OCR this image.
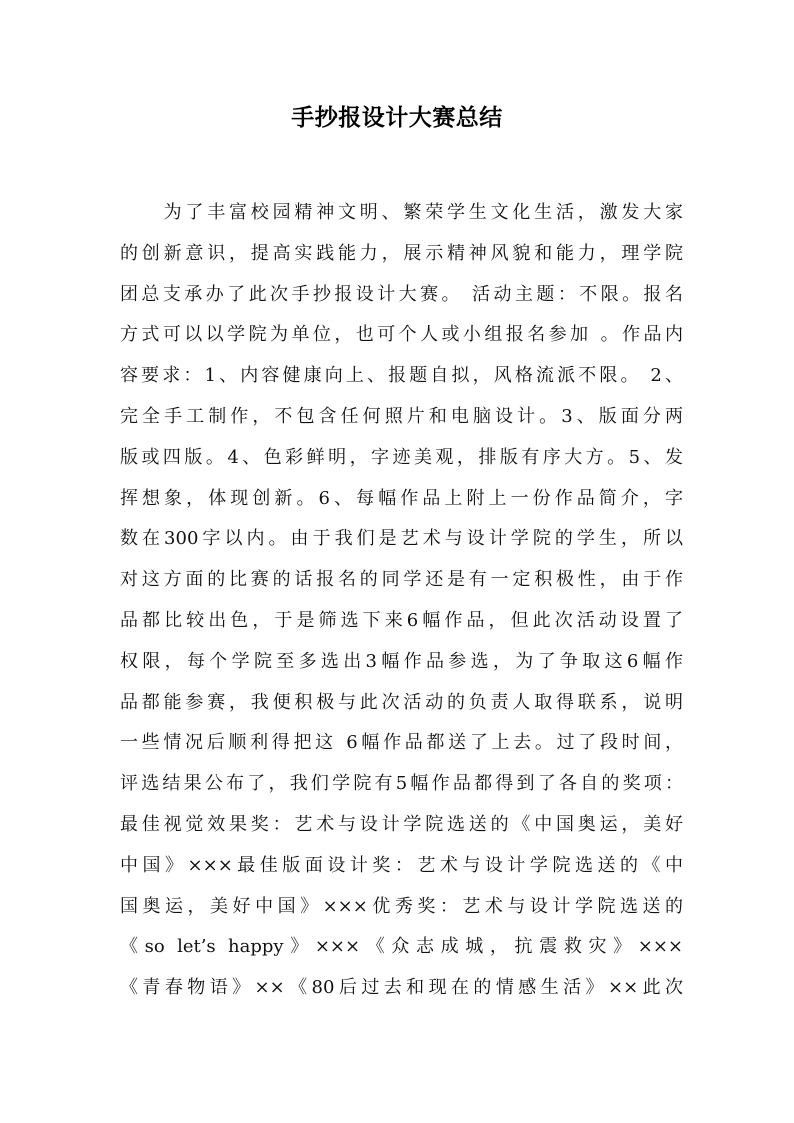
手抄报设计大赛总结
　　为了丰富校园精神文明、繁荣学生文化生活，激发大家
的创新意识，提高实践能力，展示精神风貌和能力，理学院
团总支承办了此次手抄报设计大赛。 活动主题：不限。报名
方式可以以学院为单位，也可个人或小组报名参加 。作品内
容要求：1、内容健康向上、报题自拟，风格流派不限。 2、
完全手工制作，不包含任何照片和电脑设计。3、版面分两
版或四版。4、色彩鲜明，字迹美观，排版有序大方。5、发
挥想象，体现创新。6、每幅作品上附上一份作品简介，字
数在300字以内。由于我们是艺术与设计学院的学生，所以
对这方面的比赛的话报名的同学还是有一定积极性，由于作
品都比较出色，于是筛选下来6幅作品，但此次活动设置了
权限，每个学院至多选出3幅作品参选，为了争取这6幅作
品都能参赛，我便积极与此次活动的负责人取得联系，说明
一些情况后顺利得把这 6幅作品都送了上去。过了段时间，
评选结果公布了，我们学院有5幅作品都得到了各自的奖项：
最佳视觉效果奖：艺术与设计学院选送的《中国奥运，美好
中国》×××最佳版面设计奖：艺术与设计学院选送的《中
国奥运，美好中国》×××优秀奖：艺术与设计学院选送的
《so let’s happy》×××《众志成城，抗震救灾》×××
《青春物语》××《80后过去和现在的情感生活》××此次
